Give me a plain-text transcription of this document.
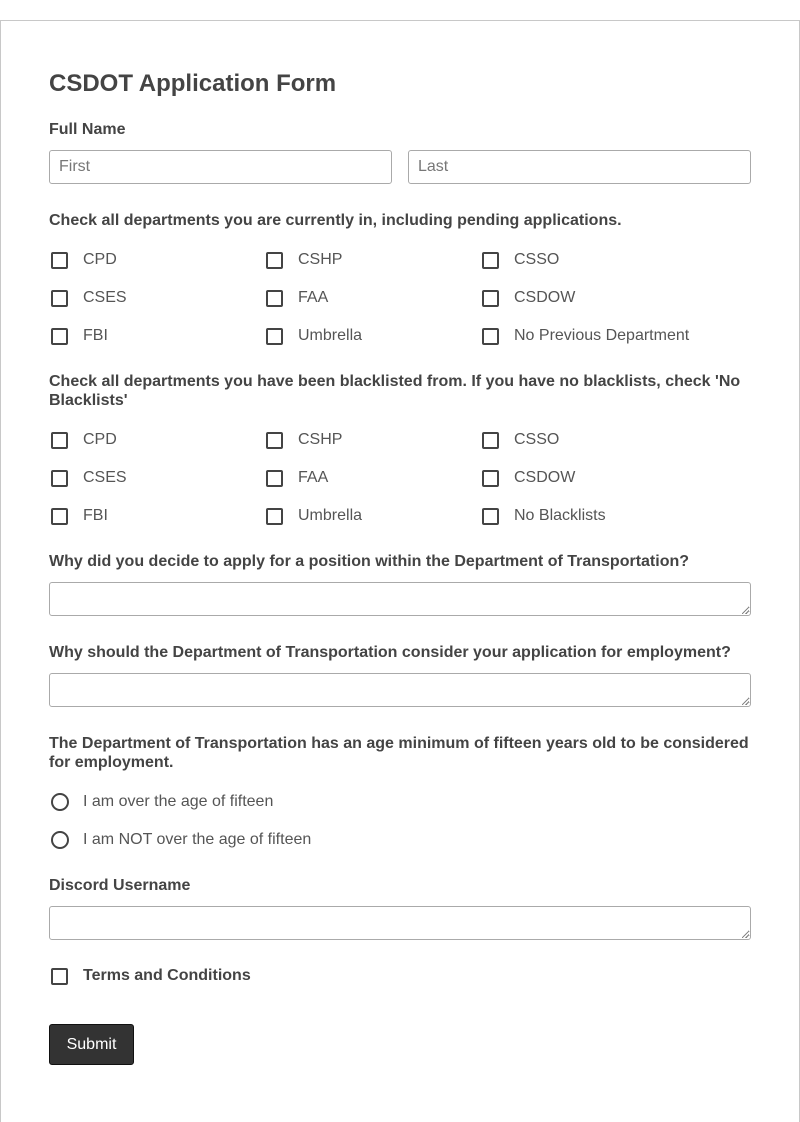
CSDOT Application Form
Full Name
First
Last
Check all departments you are currently in, including pending applications.
CPD	CSHP	CSSO
CSES	FAA	CSDOW
FBI	Umbrella	No Previous Department
Check all departments you have been blacklisted from. If you have no blacklists, check 'No Blacklists'
CPD	CSHP	CSSO
CSES	FAA	CSDOW
FBI	Umbrella	No Blacklists
Why did you decide to apply for a position within the Department of Transportation?
Why should the Department of Transportation consider your application for employment?
The Department of Transportation has an age minimum of fifteen years old to be considered for employment.
I am over the age of fifteen
I am NOT over the age of fifteen
Discord Username
Terms and Conditions
Submit
